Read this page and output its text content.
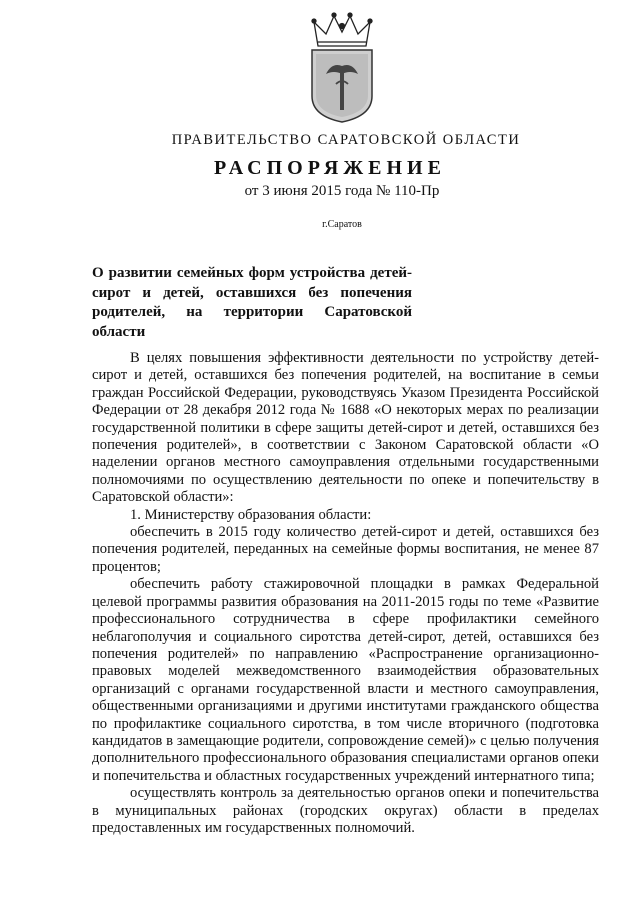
ПРАВИТЕЛЬСТВО САРАТОВСКОЙ ОБЛАСТИ
РАСПОРЯЖЕНИЕ
от 3 июня 2015 года № 110-Пр
г.Саратов
О развитии семейных форм устройства детей-сирот и детей, оставшихся без попечения родителей, на территории Саратовской области

В целях повышения эффективности деятельности по устройству детей-сирот и детей, оставшихся без попечения родителей, на воспитание в семьи граждан Российской Федерации, руководствуясь Указом Президента Российской Федерации от 28 декабря 2012 года № 1688 «О некоторых мерах по реализации государственной политики в сфере защиты детей-сирот и детей, оставшихся без попечения родителей», в соответствии с Законом Саратовской области «О наделении органов местного самоуправления отдельными государственными полномочиями по осуществлению деятельности по опеке и попечительству в Саратовской области»:

1. Министерству образования области:

обеспечить в 2015 году количество детей-сирот и детей, оставшихся без попечения родителей, переданных на семейные формы воспитания, не менее 87 процентов;

обеспечить работу стажировочной площадки в рамках Федеральной целевой программы развития образования на 2011-2015 годы по теме «Развитие профессионального сотрудничества в сфере профилактики семейного неблагополучия и социального сиротства детей-сирот, детей, оставшихся без попечения родителей» по направлению «Распространение организационно-правовых моделей межведомственного взаимодействия образовательных организаций с органами государственной власти и местного самоуправления, общественными организациями и другими институтами гражданского общества по профилактике социального сиротства, в том числе вторичного (подготовка кандидатов в замещающие родители, сопровождение семей)» с целью получения дополнительного профессионального образования специалистами органов опеки и попечительства и областных государственных учреждений интернатного типа;

осуществлять контроль за деятельностью органов опеки и попечительства в муниципальных районах (городских округах) области в пределах предоставленных им государственных полномочий.
